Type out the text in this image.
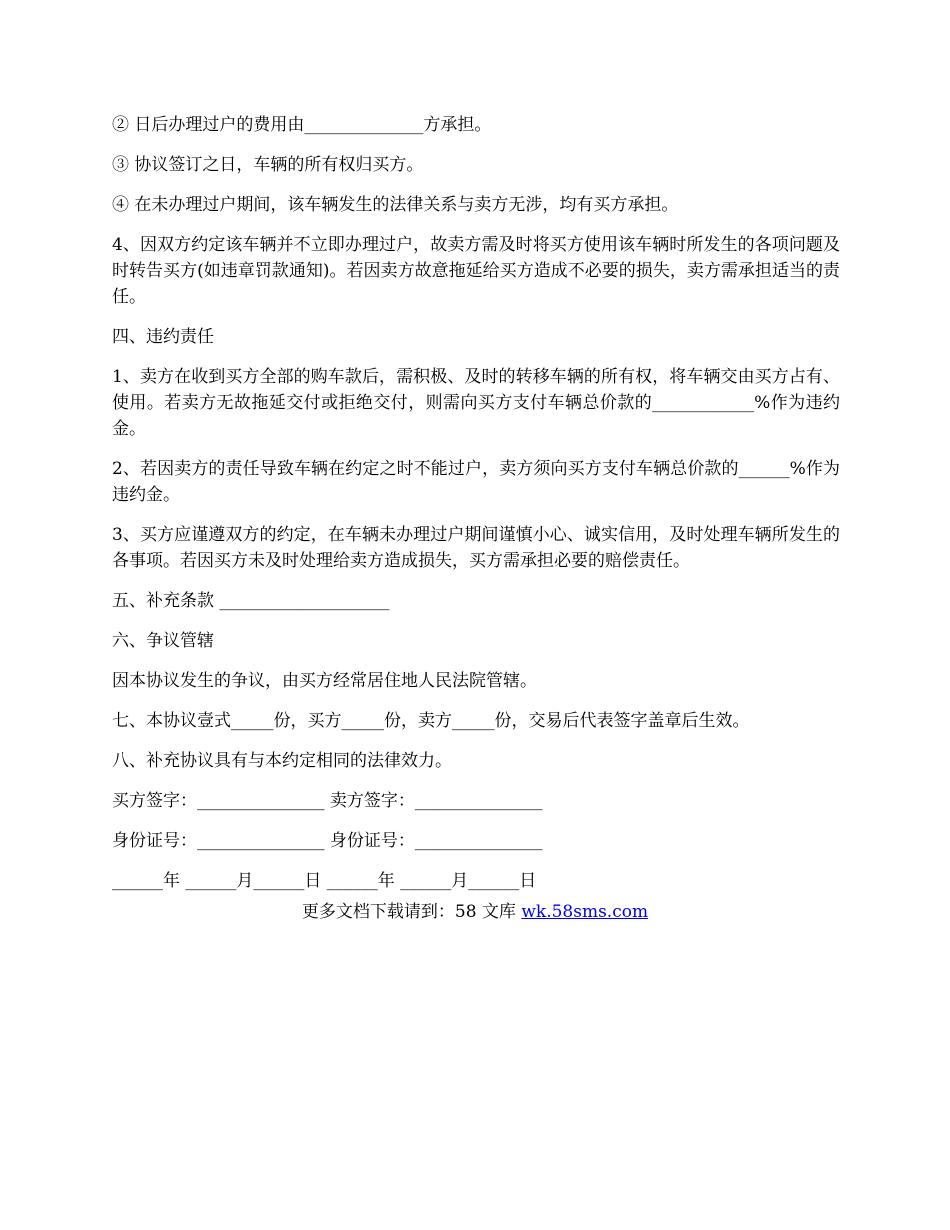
② 日后办理过户的费用由______________方承担。

③ 协议签订之日，车辆的所有权归买方。

④ 在未办理过户期间，该车辆发生的法律关系与卖方无涉，均有买方承担。

4、因双方约定该车辆并不立即办理过户，故卖方需及时将买方使用该车辆时所发生的各项问题及时转告买方(如违章罚款通知)。若因卖方故意拖延给买方造成不必要的损失，卖方需承担适当的责任。

四、违约责任

1、卖方在收到买方全部的购车款后，需积极、及时的转移车辆的所有权，将车辆交由买方占有、使用。若卖方无故拖延交付或拒绝交付，则需向买方支付车辆总价款的____________%作为违约金。

2、若因卖方的责任导致车辆在约定之时不能过户，卖方须向买方支付车辆总价款的______%作为违约金。

3、买方应谨遵双方的约定，在车辆未办理过户期间谨慎小心、诚实信用，及时处理车辆所发生的各事项。若因买方未及时处理给卖方造成损失，买方需承担必要的赔偿责任。

五、补充条款 ____________________

六、争议管辖

因本协议发生的争议，由买方经常居住地人民法院管辖。

七、本协议壹式_____份，买方_____份，卖方_____份，交易后代表签字盖章后生效。

八、补充协议具有与本约定相同的法律效力。

买方签字：_______________ 卖方签字：_______________

身份证号：_______________ 身份证号：_______________

______年 ______月______日 ______年 ______月______日

更多文档下载请到：58 文库 wk.58sms.com
